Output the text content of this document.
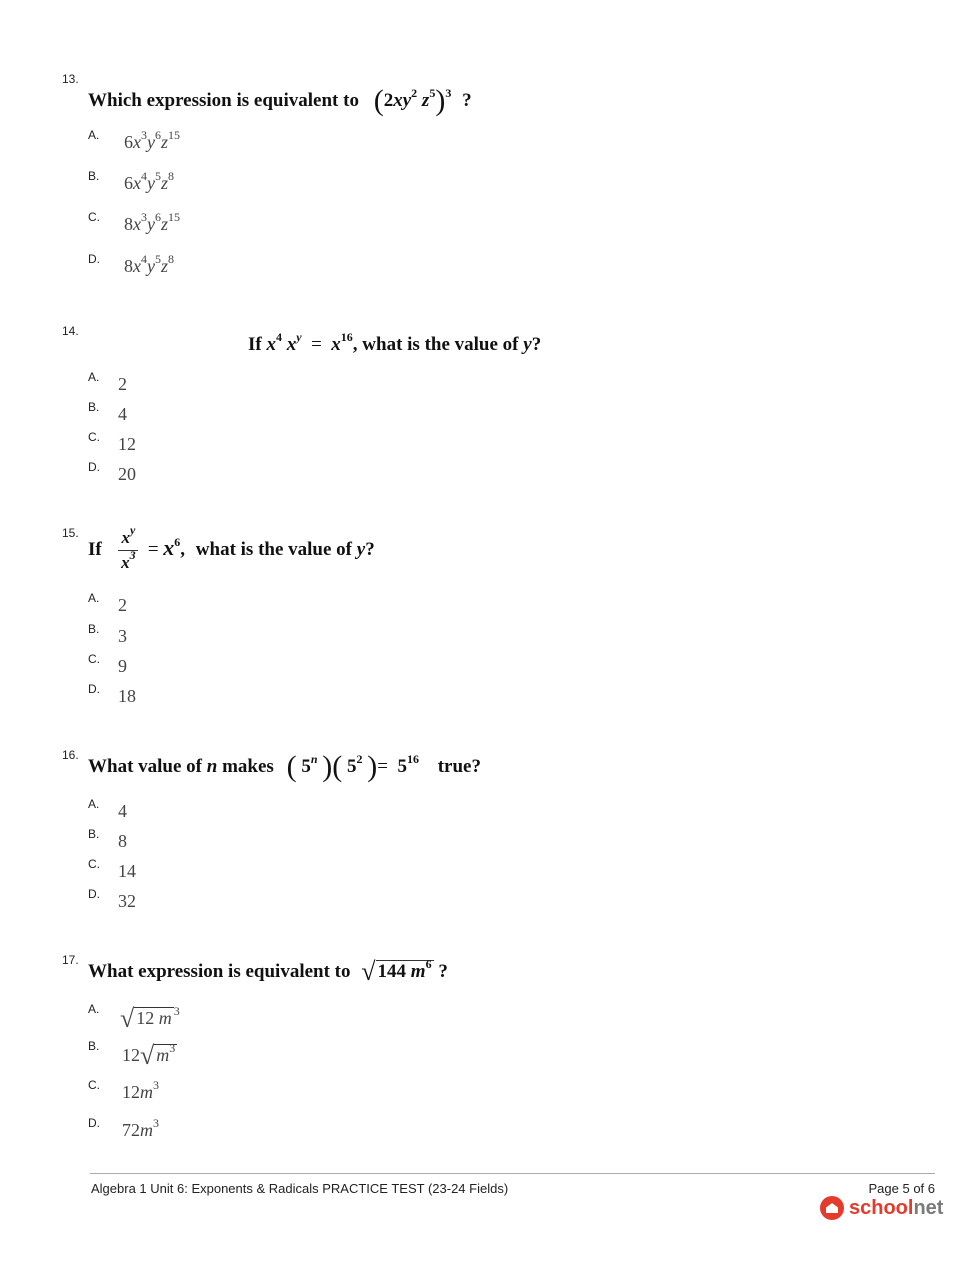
13.
Which expression is equivalent to ($2xy^2$ $z^5)^3$ ?
A. $6x^3y^6z^{15}$
B. $6x^4y^5z^8$
C. $8x^3y^6z^{15}$
D. $8x^4y^5z^8$
14.
If $x^4$ $x^y = x^{16}$, what is the value of y?
A. 2
B. 4
C. 12
D. 20
15.
If $\frac{x^y}{x^3} = x^6$, what is the value of y?
A. 2
B. 3
C. 9
D. 18
16.
What value of n makes ( 5$^n$ )( $5^2$ )=  $5^{16}$ true?
A. 4
B. 8
C. 14
D. 32
17.
What expression is equivalent to √ 144 $m^6$ ?
A. √ 12 m $^3$
B. 12√ $m^3$
C. $12m^3$
D. $72m^3$
Algebra 1 Unit 6: Exponents & Radicals PRACTICE TEST (23-24 Fields)	Page 5 of 6
schoolnet
